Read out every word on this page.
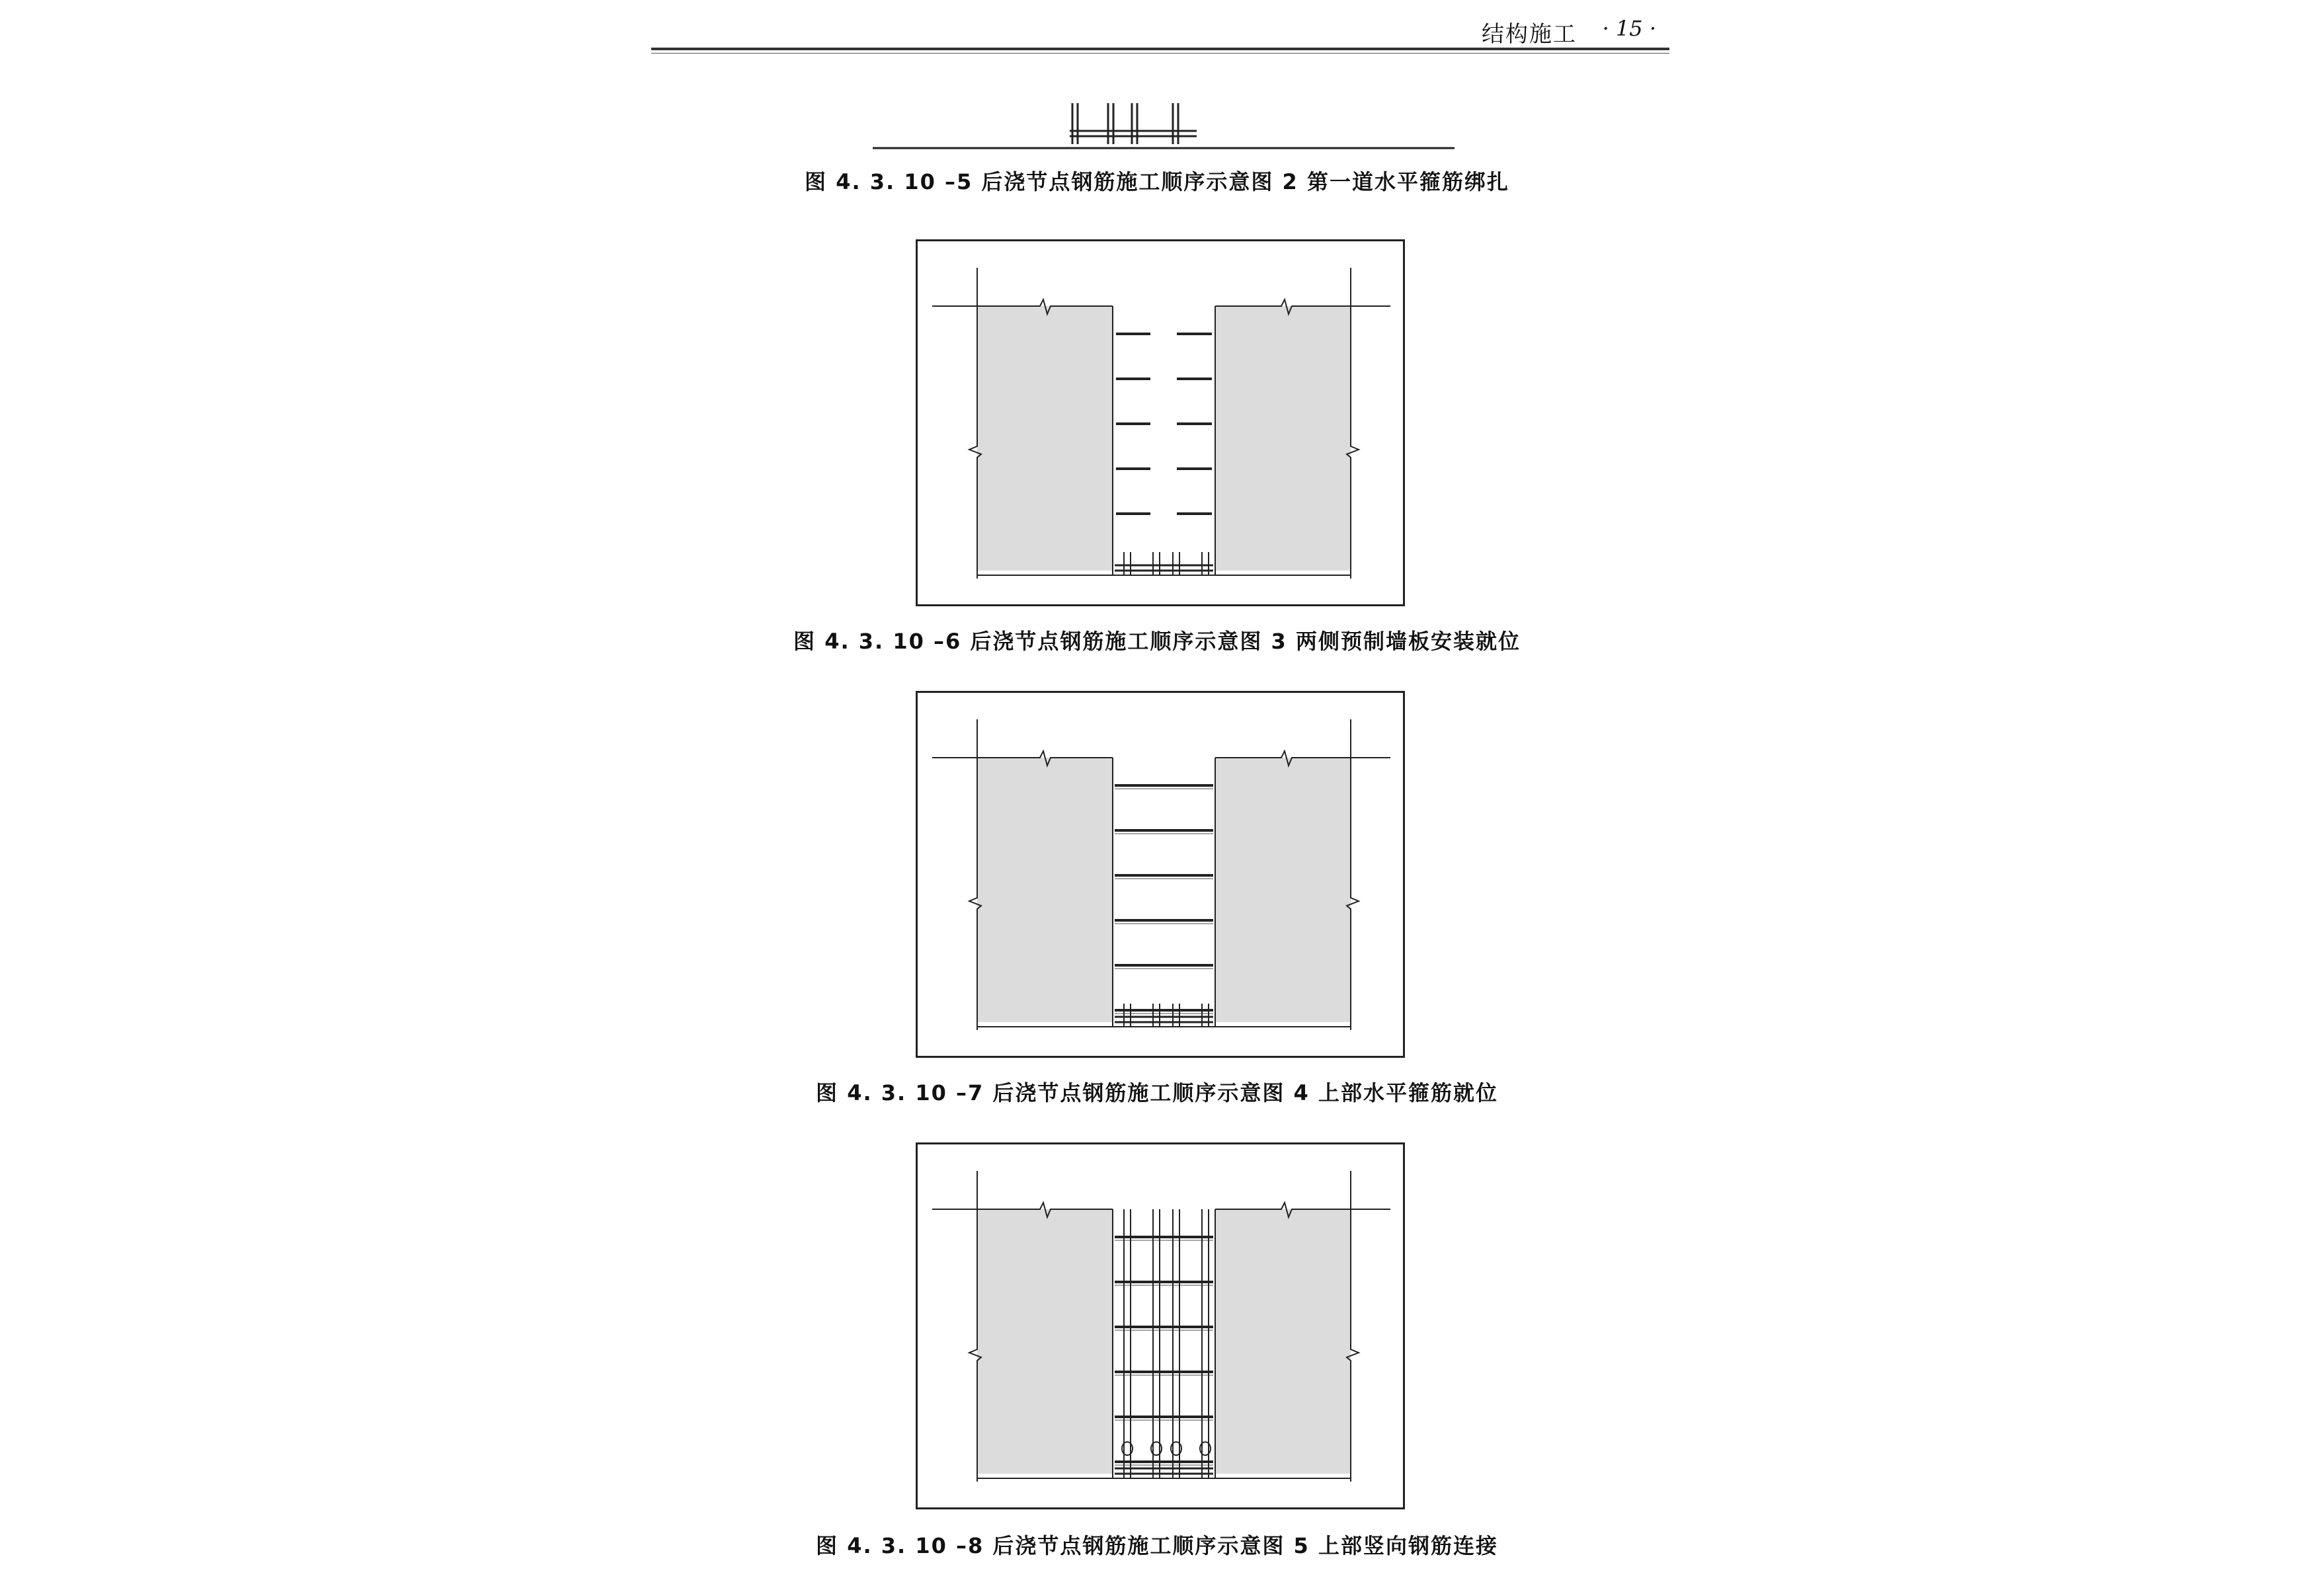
结构施工 · 15 ·
图 4. 3. 10 –5 后浇节点钢筋施工顺序示意图 2 第一道水平箍筋绑扎
图 4. 3. 10 –6 后浇节点钢筋施工顺序示意图 3 两侧预制墙板安装就位
图 4. 3. 10 –7 后浇节点钢筋施工顺序示意图 4 上部水平箍筋就位
图 4. 3. 10 –8 后浇节点钢筋施工顺序示意图 5 上部竖向钢筋连接
